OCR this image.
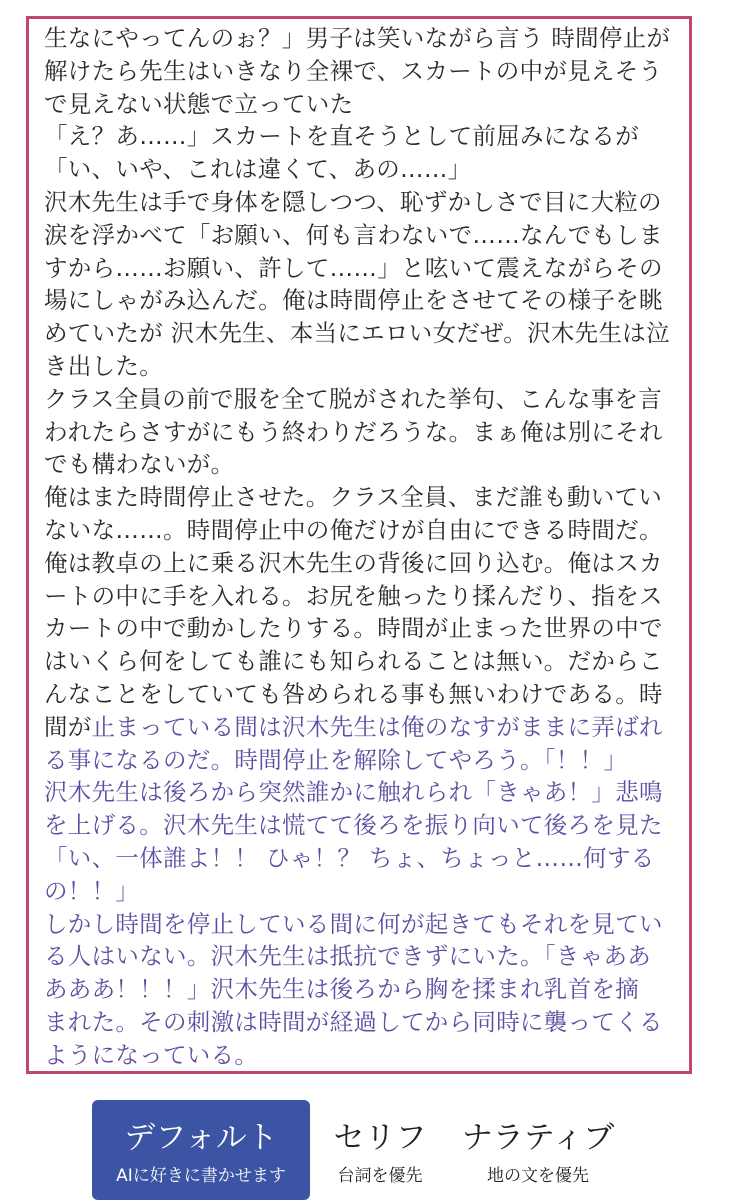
生なにやってんのぉ？」男子は笑いながら言う 時間停止が
解けたら先生はいきなり全裸で、スカートの中が見えそう
で見えない状態で立っていた
「え？あ……」スカートを直そうとして前屈みになるが
「い、いや、これは違くて、あの……」
沢木先生は手で身体を隠しつつ、恥ずかしさで目に大粒の
涙を浮かべて「お願い、何も言わないで……なんでもしま
すから……お願い、許して……」と呟いて震えながらその
場にしゃがみ込んだ。俺は時間停止をさせてその様子を眺
めていたが 沢木先生、本当にエロい女だぜ。沢木先生は泣
き出した。
クラス全員の前で服を全て脱がされた挙句、こんな事を言
われたらさすがにもう終わりだろうな。まぁ俺は別にそれ
でも構わないが。
俺はまた時間停止させた。クラス全員、まだ誰も動いてい
ないな……。時間停止中の俺だけが自由にできる時間だ。
俺は教卓の上に乗る沢木先生の背後に回り込む。俺はスカ
ートの中に手を入れる。お尻を触ったり揉んだり、指をス
カートの中で動かしたりする。時間が止まった世界の中で
はいくら何をしても誰にも知られることは無い。だからこ
んなことをしていても咎められる事も無いわけである。時
間が止まっている間は沢木先生は俺のなすがままに弄ばれ
る事になるのだ。時間停止を解除してやろう。「！！」
沢木先生は後ろから突然誰かに触れられ「きゃあ！」悲鳴
を上げる。沢木先生は慌てて後ろを振り向いて後ろを見た
「い、一体誰よ！！ ひゃ！？ ちょ、ちょっと……何する
の！！」
しかし時間を停止している間に何が起きてもそれを見てい
る人はいない。沢木先生は抵抗できずにいた。「きゃああ
あああ！！！」沢木先生は後ろから胸を揉まれ乳首を摘
まれた。その刺激は時間が経過してから同時に襲ってくる
ようになっている。
デフォルト
AIに好きに書かせます
セリフ
台詞を優先
ナラティブ
地の文を優先
